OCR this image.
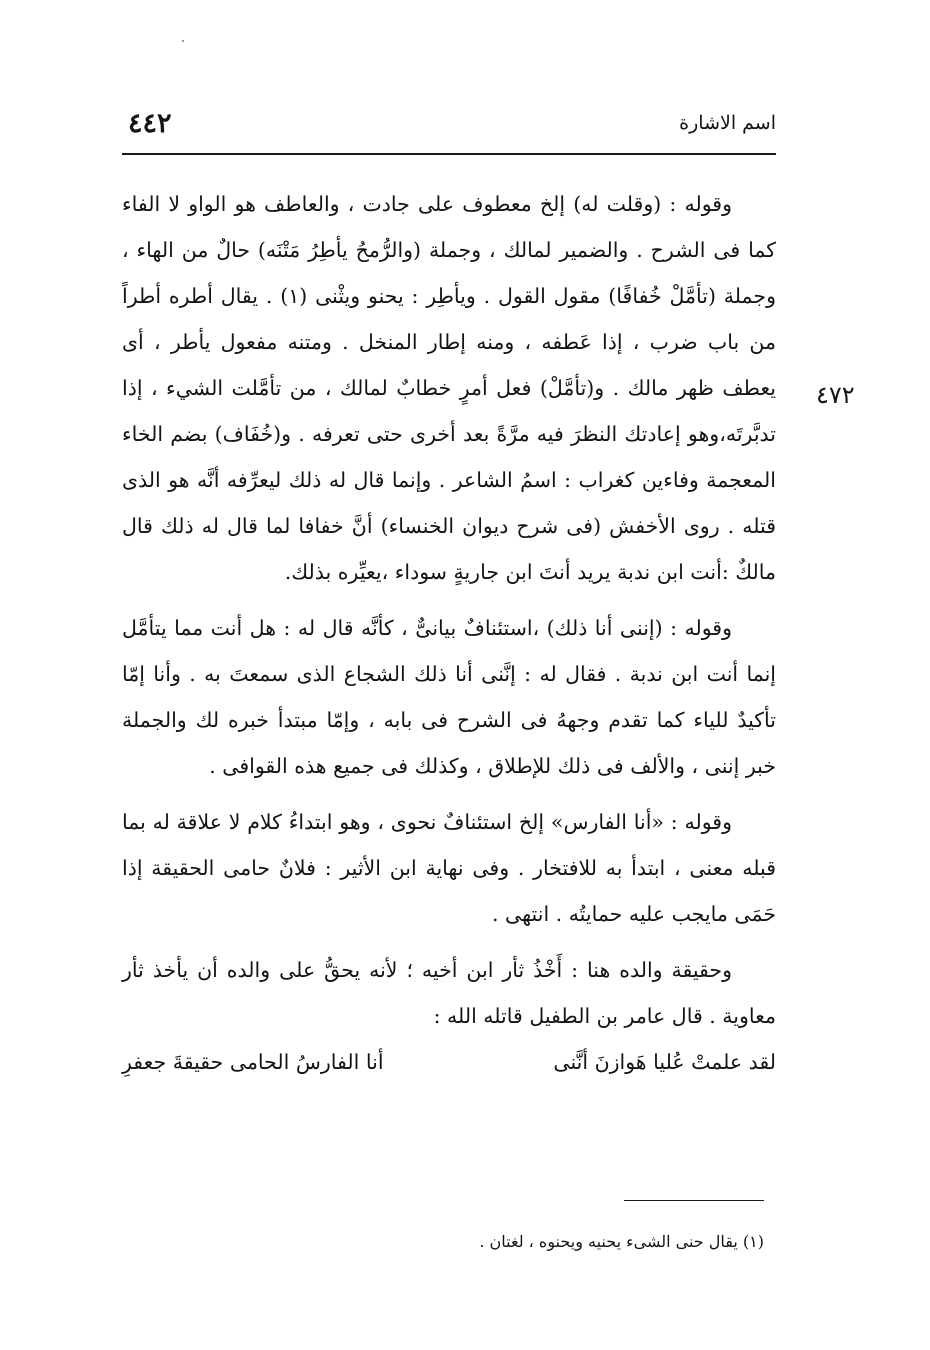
٤٤٢	اسم الاشارة
٤٧٢

وقوله : (وقلت له) إلخ معطوف على جادت ، والعاطف هو الواو لا الفاء كما فى الشرح . والضمير لمالك ، وجملة (والرُّمحُ يأطِرُ مَتْنَه) حالٌ من الهاء ، وجملة (تأمَّلْ خُفافًا) مقول القول . ويأطِر : يحنو ويثْنى (١) . يقال أطره أطراً من باب ضرب ، إذا عَطفه ، ومنه إطار المنخل . ومتنه مفعول يأطر ، أى يعطف ظهر مالك . و(تأمَّلْ) فعل أمرٍ خطابٌ لمالك ، من تأمَّلت الشيء ، إذا تدبَّرتَه،وهو إعادتك النظرَ فيه مرَّةً بعد أخرى حتى تعرفه . و(خُفَاف) بضم الخاء المعجمة وفاءين كغراب : اسمُ الشاعر . وإنما قال له ذلك ليعرِّفه أنَّه هو الذى قتله . روى الأخفش (فى شرح ديوان الخنساء) أنَّ خفافا لما قال له ذلك قال مالكٌ :أنت ابن ندبة يريد أنتَ ابن جاريةٍ سوداء ،يعيِّره بذلك.

وقوله : (إننى أنا ذلك) ،استئنافٌ بيانىٌّ ، كأنَّه قال له : هل أنت مما يتأمَّل إنما أنت ابن ندبة . فقال له : إنَّنى أنا ذلك الشجاع الذى سمعتَ به . وأنا إمّا تأكيدٌ للياء كما تقدم وجههُ فى الشرح فى بابه ، وإمّا مبتدأ خبره لك والجملة خبر إننى ، والألف فى ذلك للإطلاق ، وكذلك فى جميع هذه القوافى .

وقوله : «أنا الفارس» إلخ استئنافٌ نحوى ، وهو ابتداءُ كلام لا علاقة له بما قبله معنى ، ابتدأ به للافتخار . وفى نهاية ابن الأثير : فلانٌ حامى الحقيقة إذا حَمَى مايجب عليه حمايتُه . انتهى .

وحقيقة والده هنا : أَخْذُ ثأر ابن أخيه ؛ لأنه يحقُّ على والده أن يأخذ ثأر معاوية . قال عامر بن الطفيل قاتله الله :

لقد علمتْ عُليا هَوازنَ أنَّنى
أنا الفارسُ الحامى حقيقةَ جعفرِ
(١) يقال حنى الشىء يحنيه ويحنوه ، لغتان .
